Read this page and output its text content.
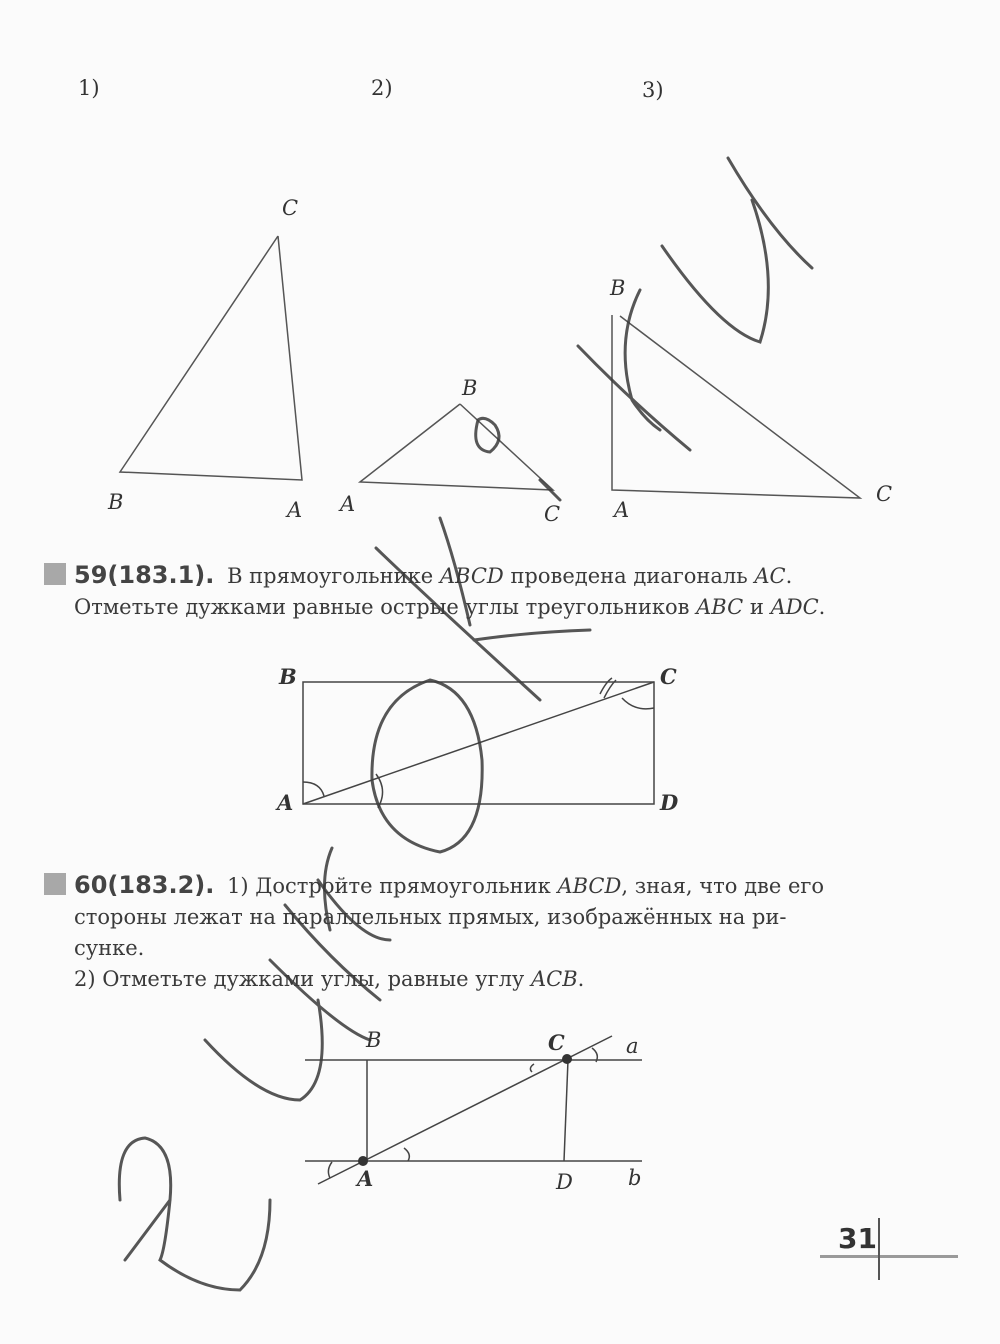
1)	2)	3)
C
B	A
B
A	C
B
A
C
59(183.1). В прямоугольнике ABCD проведена диагональ AC.
Отметьте дужками равные острые углы треугольников ABC и ADC.
B	C
A	D
60(183.2). 1) Достройте прямоугольник ABCD, зная, что две его
стороны лежат на параллельных прямых, изображённых на ри-
сунке.
2) Отметьте дужками углы, равные углу ACB.
B	C	a
A	D	b
31
